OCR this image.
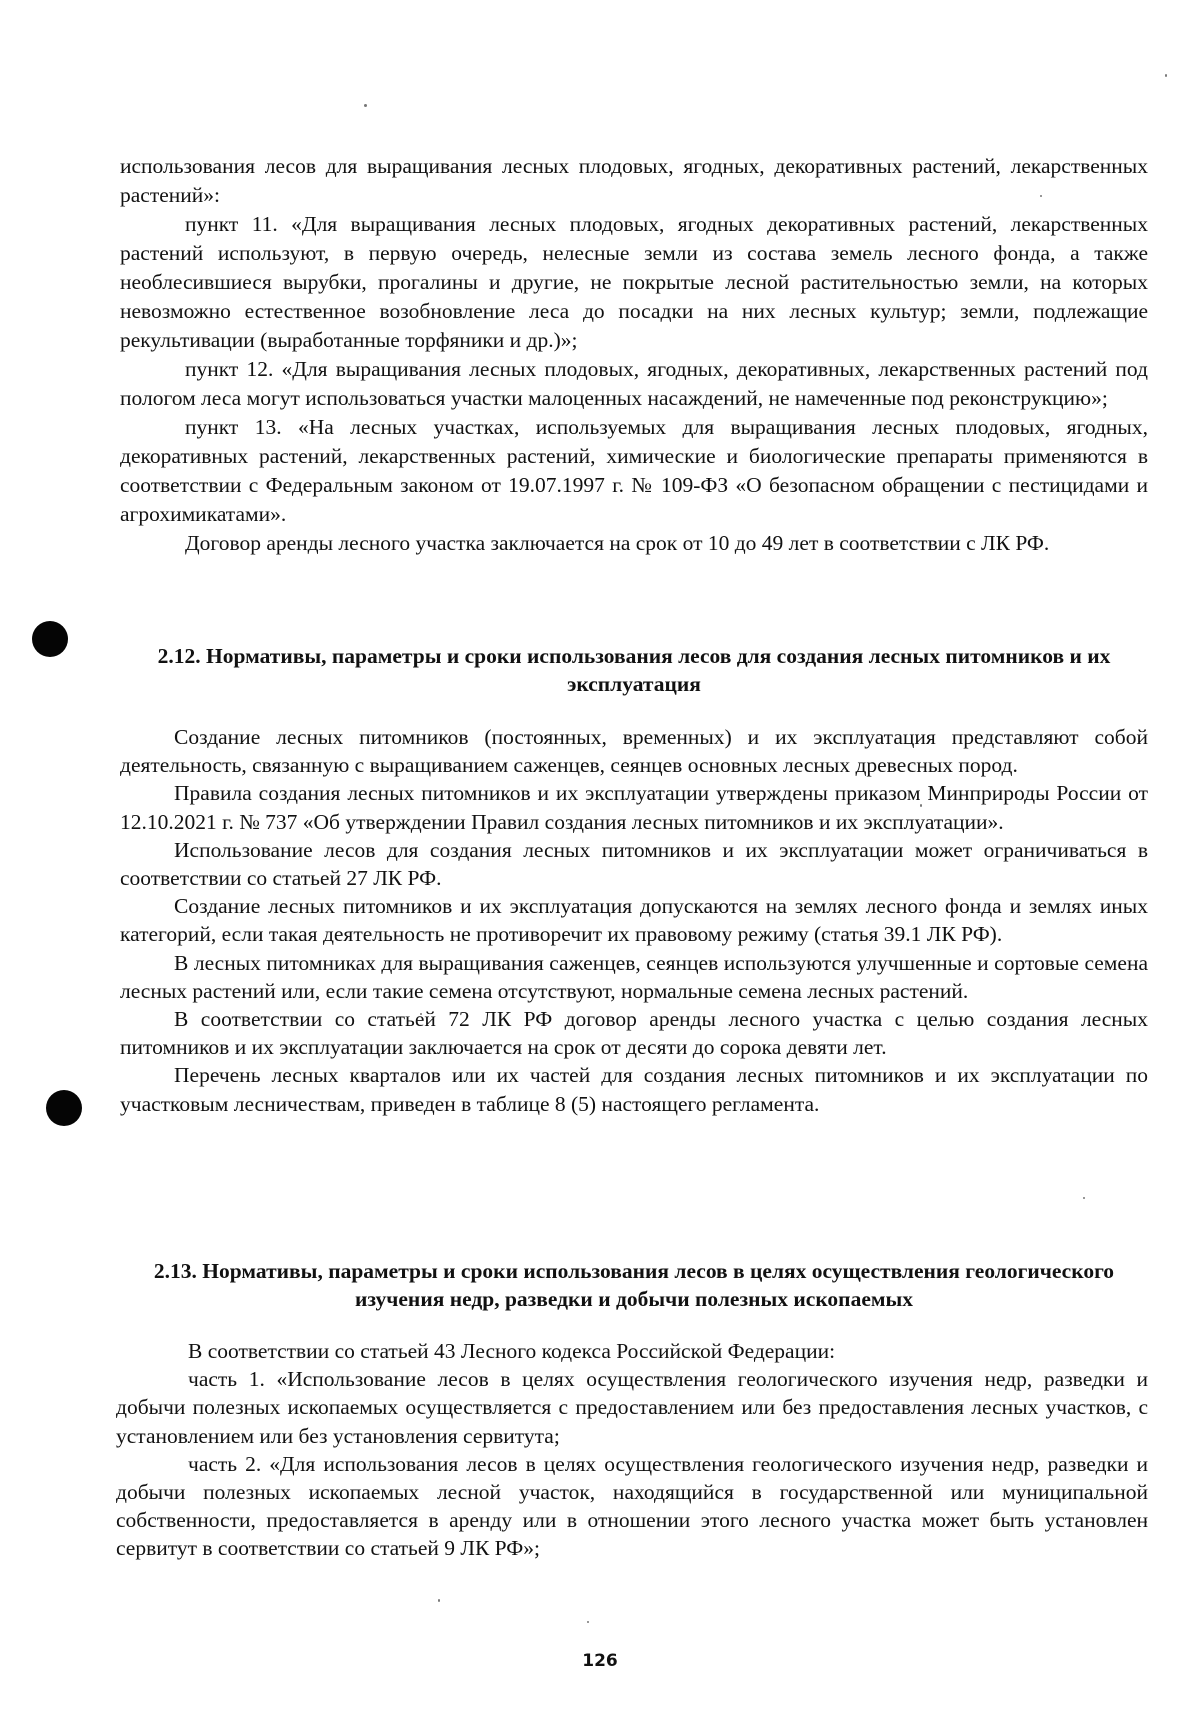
использования лесов для выращивания лесных плодовых, ягодных, декоративных растений, лекарственных растений»:

пункт 11. «Для выращивания лесных плодовых, ягодных декоративных растений, лекарственных растений используют, в первую очередь, нелесные земли из состава земель лесного фонда, а также необлесившиеся вырубки, прогалины и другие, не покрытые лесной растительностью земли, на которых невозможно естественное возобновление леса до посадки на них лесных культур; земли, подлежащие рекультивации (выработанные торфяники и др.)»;

пункт 12. «Для выращивания лесных плодовых, ягодных, декоративных, лекарственных растений под пологом леса могут использоваться участки малоценных насаждений, не намеченные под реконструкцию»;

пункт 13. «На лесных участках, используемых для выращивания лесных плодовых, ягодных, декоративных растений, лекарственных растений, химические и биологические препараты применяются в соответствии с Федеральным законом от 19.07.1997 г. № 109-ФЗ «О безопасном обращении с пестицидами и агрохимикатами».

Договор аренды лесного участка заключается на срок от 10 до 49 лет в соответствии с ЛК РФ.

2.12. Нормативы, параметры и сроки использования лесов для создания лесных питомников и их эксплуатация

Создание лесных питомников (постоянных, временных) и их эксплуатация представляют собой деятельность, связанную с выращиванием саженцев, сеянцев основных лесных древесных пород.

Правила создания лесных питомников и их эксплуатации утверждены приказом Минприроды России от 12.10.2021 г. № 737 «Об утверждении Правил создания лесных питомников и их эксплуатации».

Использование лесов для создания лесных питомников и их эксплуатации может ограничиваться в соответствии со статьей 27 ЛК РФ.

Создание лесных питомников и их эксплуатация допускаются на землях лесного фонда и землях иных категорий, если такая деятельность не противоречит их правовому режиму (статья 39.1 ЛК РФ).

В лесных питомниках для выращивания саженцев, сеянцев используются улучшенные и сортовые семена лесных растений или, если такие семена отсутствуют, нормальные семена лесных растений.

В соответствии со статьей 72 ЛК РФ договор аренды лесного участка с целью создания лесных питомников и их эксплуатации заключается на срок от десяти до сорока девяти лет.

Перечень лесных кварталов или их частей для создания лесных питомников и их эксплуатации по участковым лесничествам, приведен в таблице 8 (5) настоящего регламента.

2.13. Нормативы, параметры и сроки использования лесов в целях осуществления геологического изучения недр, разведки и добычи полезных ископаемых

В соответствии со статьей 43 Лесного кодекса Российской Федерации:

часть 1. «Использование лесов в целях осуществления геологического изучения недр, разведки и добычи полезных ископаемых осуществляется с предоставлением или без предоставления лесных участков, с установлением или без установления сервитута;

часть 2. «Для использования лесов в целях осуществления геологического изучения недр, разведки и добычи полезных ископаемых лесной участок, находящийся в государственной или муниципальной собственности, предоставляется в аренду или в отношении этого лесного участка может быть установлен сервитут в соответствии со статьей 9 ЛК РФ»;

126
